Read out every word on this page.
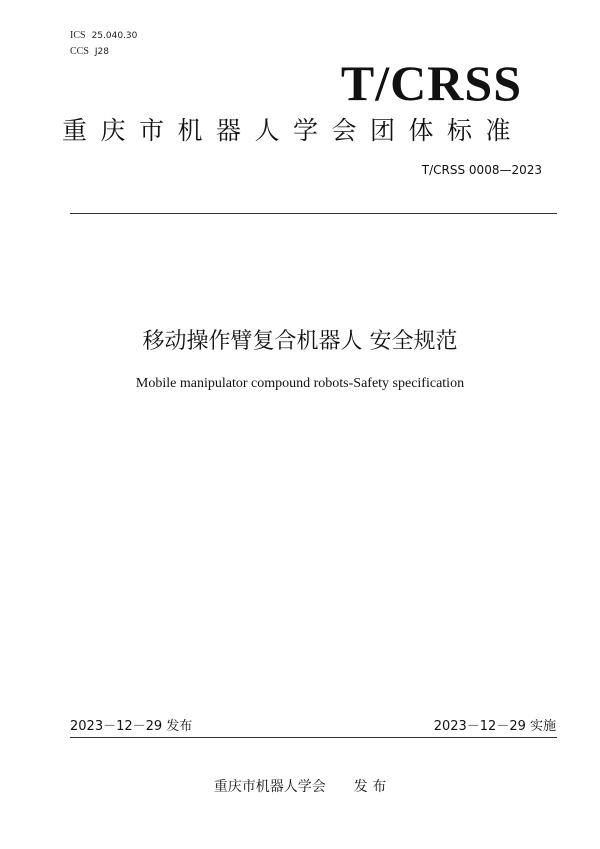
ICS 25.040.30
CCS J28
T/CRSS
重庆市机器人学会团体标准
T/CRSS 0008—2023
移动操作臂复合机器人 安全规范
Mobile manipulator compound robots-Safety specification
2023－12－29 发布	2023－12－29 实施
重庆市机器人学会 发 布
